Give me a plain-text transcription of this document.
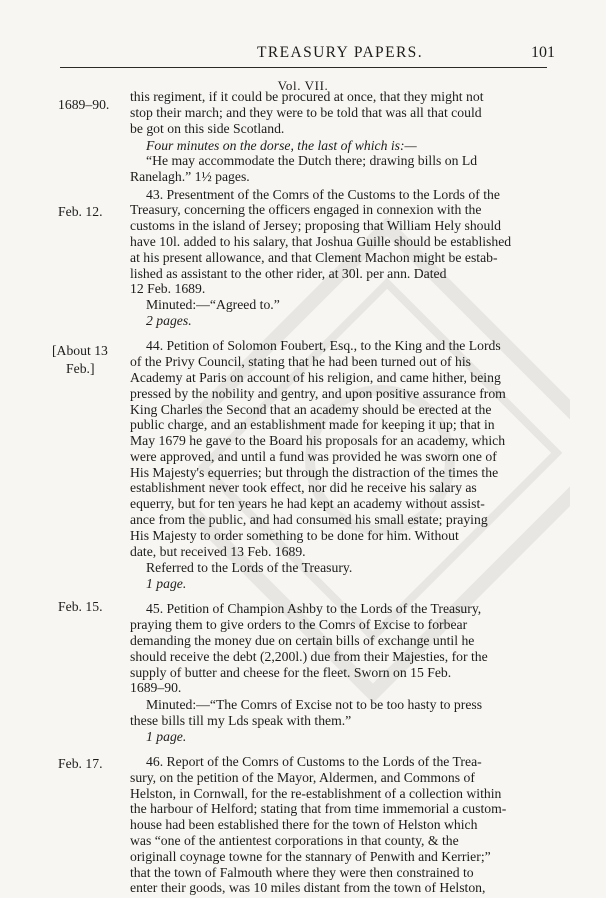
TREASURY PAPERS.	101
Vol. VII.
1689–90.
Feb. 12.
[About 13
Feb.]
Feb. 15.
Feb. 17.
this regiment, if it could be procured at once, that they might not
stop their march; and they were to be told that was all that could
be got on this side Scotland.
Four minutes on the dorse, the last of which is:—
“He may accommodate the Dutch there; drawing bills on Ld
Ranelagh.” 1½ pages.
43. Presentment of the Comrs of the Customs to the Lords of the
Treasury, concerning the officers engaged in connexion with the
customs in the island of Jersey; proposing that William Hely should
have 10l. added to his salary, that Joshua Guille should be established
at his present allowance, and that Clement Machon might be estab-
lished as assistant to the other rider, at 30l. per ann. Dated
12 Feb. 1689.
Minuted:—“Agreed to.”
2 pages.
44. Petition of Solomon Foubert, Esq., to the King and the Lords
of the Privy Council, stating that he had been turned out of his
Academy at Paris on account of his religion, and came hither, being
pressed by the nobility and gentry, and upon positive assurance from
King Charles the Second that an academy should be erected at the
public charge, and an establishment made for keeping it up; that in
May 1679 he gave to the Board his proposals for an academy, which
were approved, and until a fund was provided he was sworn one of
His Majesty's equerries; but through the distraction of the times the
establishment never took effect, nor did he receive his salary as
equerry, but for ten years he had kept an academy without assist-
ance from the public, and had consumed his small estate; praying
His Majesty to order something to be done for him. Without
date, but received 13 Feb. 1689.
Referred to the Lords of the Treasury.
1 page.
45. Petition of Champion Ashby to the Lords of the Treasury,
praying them to give orders to the Comrs of Excise to forbear
demanding the money due on certain bills of exchange until he
should receive the debt (2,200l.) due from their Majesties, for the
supply of butter and cheese for the fleet. Sworn on 15 Feb.
1689–90.
Minuted:—“The Comrs of Excise not to be too hasty to press
these bills till my Lds speak with them.”
1 page.
46. Report of the Comrs of Customs to the Lords of the Trea-
sury, on the petition of the Mayor, Aldermen, and Commons of
Helston, in Cornwall, for the re-establishment of a collection within
the harbour of Helford; stating that from time immemorial a custom-
house had been established there for the town of Helston which
was “one of the antientest corporations in that county, & the
originall coynage towne for the stannary of Penwith and Kerrier;”
that the town of Falmouth where they were then constrained to
enter their goods, was 10 miles distant from the town of Helston,
